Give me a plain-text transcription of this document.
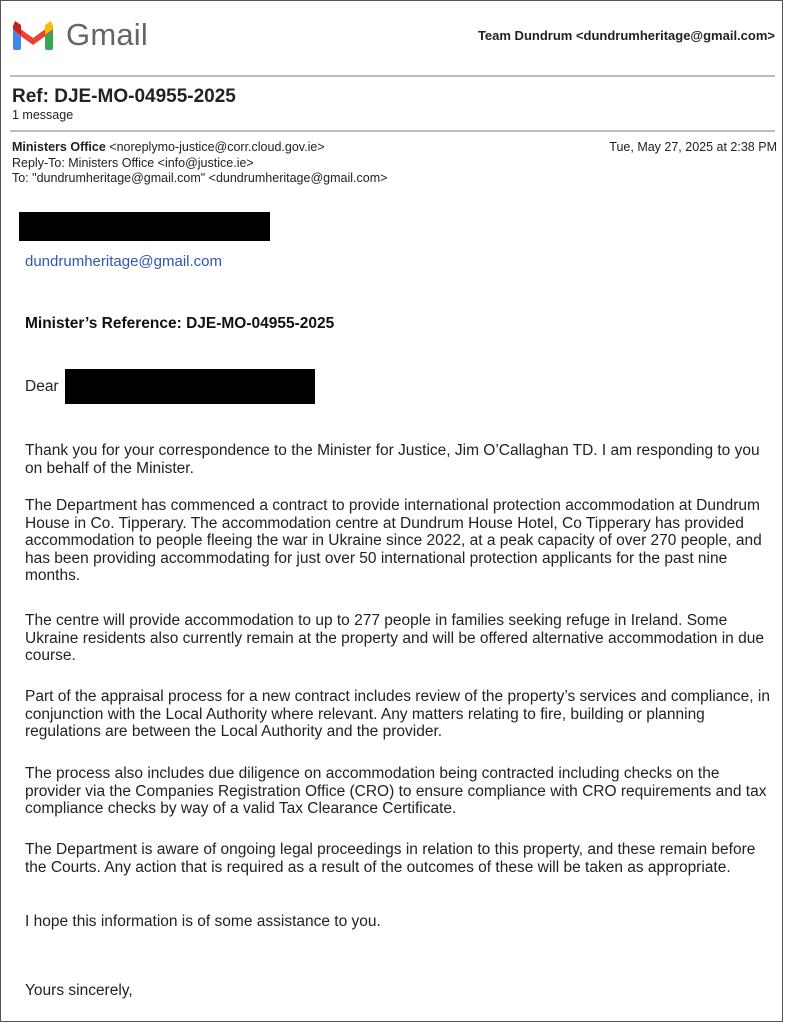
Gmail	Team Dundrum <dundrumheritage@gmail.com>
Ref: DJE-MO-04955-2025
1 message
Ministers Office <noreplymo-justice@corr.cloud.gov.ie>
Reply-To: Ministers Office <info@justice.ie>
To: "dundrumheritage@gmail.com" <dundrumheritage@gmail.com>
Tue, May 27, 2025 at 2:38 PM
dundrumheritage@gmail.com
Minister’s Reference: DJE-MO-04955-2025
Dear

Thank you for your correspondence to the Minister for Justice, Jim O’Callaghan TD. I am responding to you on behalf of the Minister.

The Department has commenced a contract to provide international protection accommodation at Dundrum House in Co. Tipperary. The accommodation centre at Dundrum House Hotel, Co Tipperary has provided accommodation to people fleeing the war in Ukraine since 2022, at a peak capacity of over 270 people, and has been providing accommodating for just over 50 international protection applicants for the past nine months.

The centre will provide accommodation to up to 277 people in families seeking refuge in Ireland. Some Ukraine residents also currently remain at the property and will be offered alternative accommodation in due course.

Part of the appraisal process for a new contract includes review of the property’s services and compliance, in conjunction with the Local Authority where relevant. Any matters relating to fire, building or planning regulations are between the Local Authority and the provider.

The process also includes due diligence on accommodation being contracted including checks on the provider via the Companies Registration Office (CRO) to ensure compliance with CRO requirements and tax compliance checks by way of a valid Tax Clearance Certificate.

The Department is aware of ongoing legal proceedings in relation to this property, and these remain before the Courts. Any action that is required as a result of the outcomes of these will be taken as appropriate.

I hope this information is of some assistance to you.

Yours sincerely,
